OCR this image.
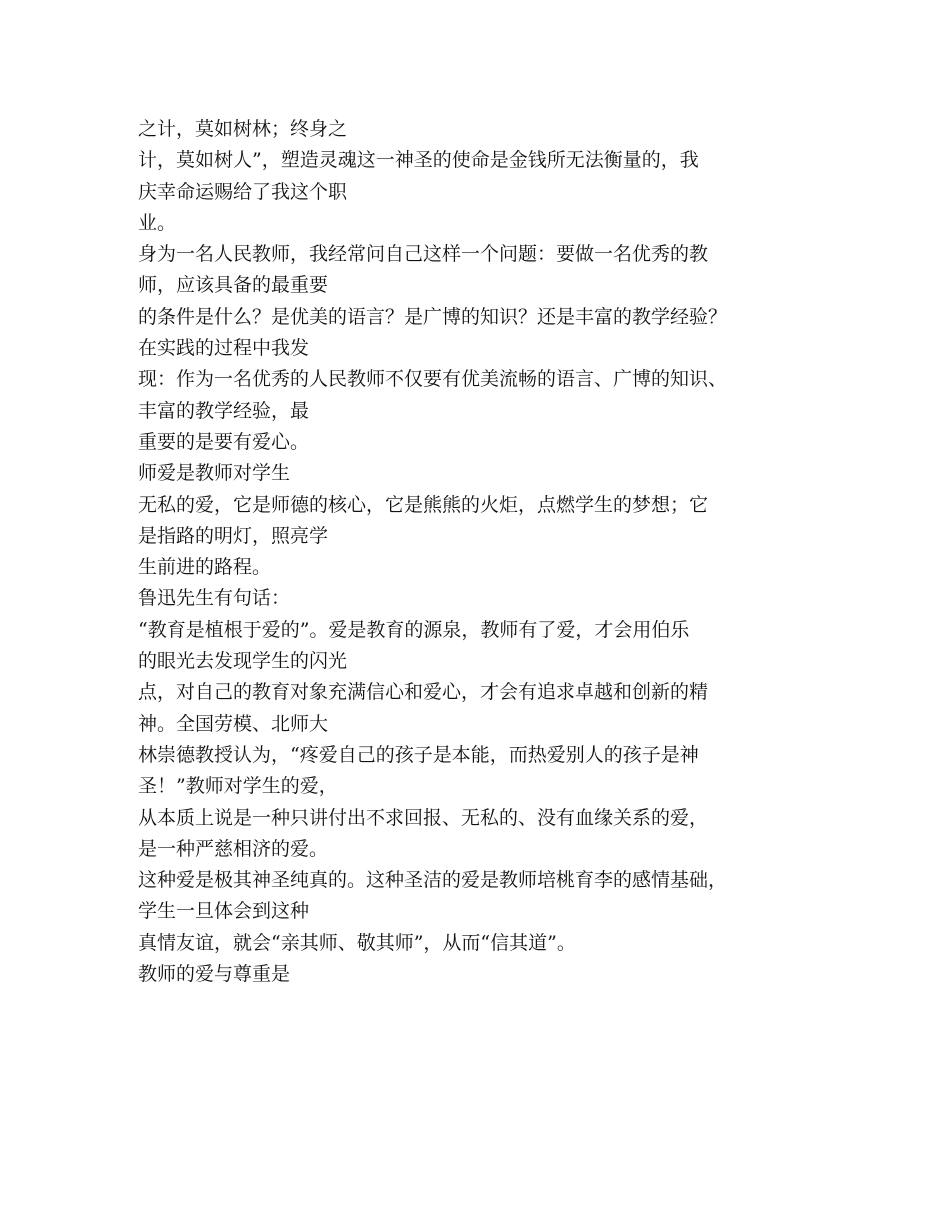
之计，莫如树林；终身之
计，莫如树人”，塑造灵魂这一神圣的使命是金钱所无法衡量的，我
庆幸命运赐给了我这个职
业。
身为一名人民教师，我经常问自己这样一个问题：要做一名优秀的教
师，应该具备的最重要
的条件是什么？是优美的语言？是广博的知识？还是丰富的教学经验？
在实践的过程中我发
现：作为一名优秀的人民教师不仅要有优美流畅的语言、广博的知识、
丰富的教学经验，最
重要的是要有爱心。
师爱是教师对学生
无私的爱，它是师德的核心，它是熊熊的火炬，点燃学生的梦想；它
是指路的明灯，照亮学
生前进的路程。
鲁迅先生有句话：
“教育是植根于爱的”。爱是教育的源泉，教师有了爱，才会用伯乐
的眼光去发现学生的闪光
点，对自己的教育对象充满信心和爱心，才会有追求卓越和创新的精
神。全国劳模、北师大
林崇德教授认为，“疼爱自己的孩子是本能，而热爱别人的孩子是神
圣！”教师对学生的爱，
从本质上说是一种只讲付出不求回报、无私的、没有血缘关系的爱，
是一种严慈相济的爱。
这种爱是极其神圣纯真的。这种圣洁的爱是教师培桃育李的感情基础，
学生一旦体会到这种
真情友谊，就会“亲其师、敬其师”，从而“信其道”。
教师的爱与尊重是
